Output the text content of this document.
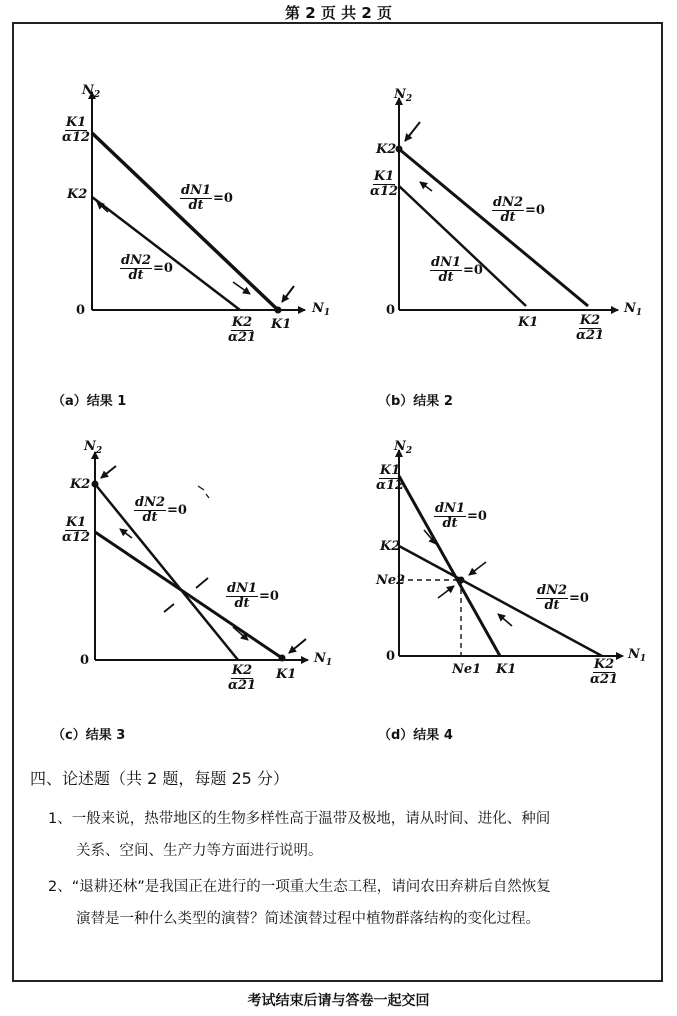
第 2 页 共 2 页
$N_2$
$N_1$
0
$\frac{K1}{\alpha 12}$
K2
K1
$\frac{K2}{\alpha 21}$
$\frac{dN1}{dt} =0$
$\frac{dN2}{dt} =0$
（a）结果 1
$N_2$
$N_1$
0
K2
$\frac{K1}{\alpha 12}$
K1	$\frac{K2}{\alpha 21}$
$\frac{dN2}{dt} =0$
$\frac{dN1}{dt} =0$
（b）结果 2
$N_2$
$N_1$
0
K2
$\frac{K1}{\alpha 12}$
$\frac{K2}{\alpha 21} K1$
$\frac{dN2}{dt} =0$
$\frac{dN1}{dt} =0$
（c）结果 3
$N_2$
$N_1$
0
$\frac{K1}{\alpha 12}$
K2
Ne2
Ne1 K1	$\frac{K2}{\alpha 21}$
$\frac{dN1}{dt} =0$
$\frac{dN2}{dt} =0$
（d）结果 4
四、论述题（共 2 题，每题 25 分）
1、一般来说，热带地区的生物多样性高于温带及极地，请从时间、进化、种间
关系、空间、生产力等方面进行说明。
2、“退耕还林”是我国正在进行的一项重大生态工程，请问农田弃耕后自然恢复
演替是一种什么类型的演替？简述演替过程中植物群落结构的变化过程。
考试结束后请与答卷一起交回
